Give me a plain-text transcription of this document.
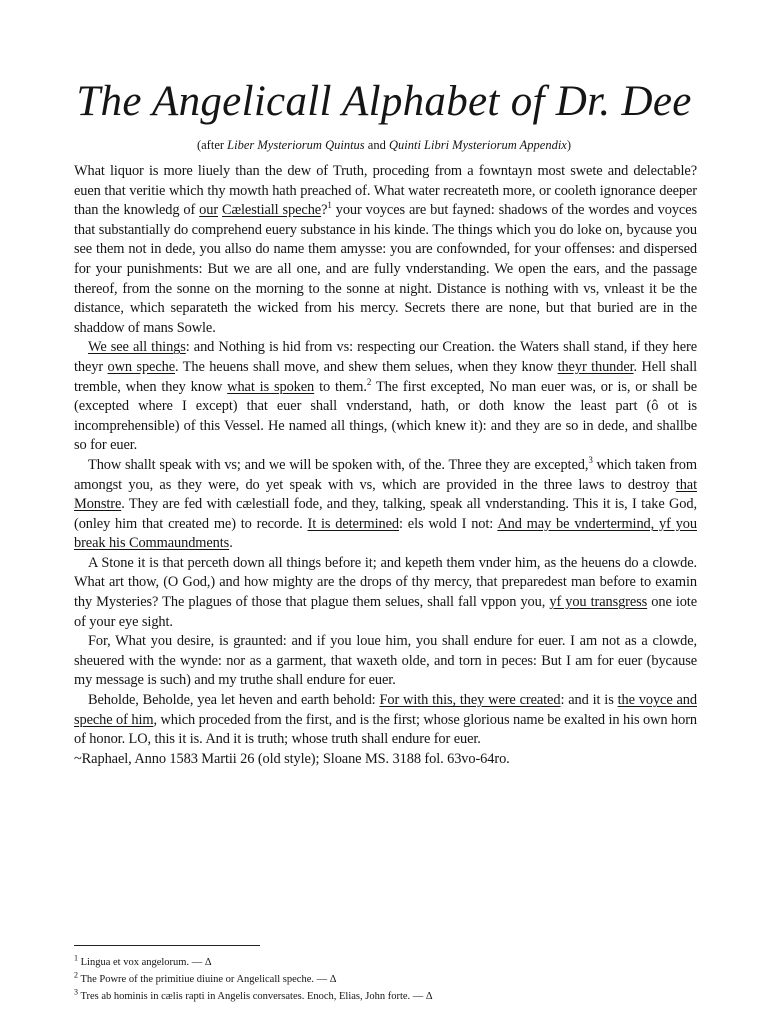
The Angelicall Alphabet of Dr. Dee

(after Liber Mysteriorum Quintus and Quinti Libri Mysteriorum Appendix)

What liquor is more liuely than the dew of Truth, proceding from a fowntayn most swete and delectable? euen that veritie which thy mowth hath preached of. What water recreateth more, or cooleth ignorance deeper than the knowledg of our Cælestiall speche?$^1$ your voyces are but fayned: shadows of the wordes and voyces that substantially do comprehend euery substance in his kinde. The things which you do loke on, bycause you see them not in dede, you allso do name them amysse: you are confownded, for your offenses: and dispersed for your punishments: But we are all one, and are fully vnderstanding. We open the ears, and the passage thereof, from the sonne on the morning to the sonne at night. Distance is nothing with vs, vnleast it be the distance, which separateth the wicked from his mercy. Secrets there are none, but that buried are in the shaddow of mans Sowle.

We see all things: and Nothing is hid from vs: respecting our Creation. the Waters shall stand, if they here theyr own speche. The heuens shall move, and shew them selues, when they know theyr thunder. Hell shall tremble, when they know what is spoken to them.$^2$ The first excepted, No man euer was, or is, or shall be (excepted where I except) that euer shall vnderstand, hath, or doth know the least part (ô ot is incomprehensible) of this Vessel. He named all things, (which knew it): and they are so in dede, and shallbe so for euer.

Thow shallt speak with vs; and we will be spoken with, of the. Three they are excepted,$^3$ which taken from amongst you, as they were, do yet speak with vs, which are provided in the three laws to destroy that Monstre. They are fed with cælestiall fode, and they, talking, speak all vnderstanding. This it is, I take God, (onley him that created me) to recorde. It is determined: els wold I not: And may be vndertermind, yf you break his Commaundments.

A Stone it is that perceth down all things before it; and kepeth them vnder him, as the heuens do a clowde. What art thow, (O God,) and how mighty are the drops of thy mercy, that preparedest man before to examin thy Mysteries? The plagues of those that plague them selues, shall fall vppon you, yf you transgress one iote of your eye sight.

For, What you desire, is graunted: and if you loue him, you shall endure for euer. I am not as a clowde, sheuered with the wynde: nor as a garment, that waxeth olde, and torn in peces: But I am for euer (bycause my message is such) and my truthe shall endure for euer.

Beholde, Beholde, yea let heven and earth behold: For with this, they were created: and it is the voyce and speche of him, which proceded from the first, and is the first; whose glorious name be exalted in his own horn of honor. LO, this it is. And it is truth; whose truth shall endure for euer.

~Raphael, Anno 1583 Martii 26 (old style); Sloane MS. 3188 fol. 63vo-64ro.

$^1$ Lingua et vox angelorum. — Δ

$^2$ The Powre of the primitiue diuine or Angelicall speche. — Δ

$^3$ Tres ab hominis in cælis rapti in Angelis conversates. Enoch, Elias, John forte. — Δ
